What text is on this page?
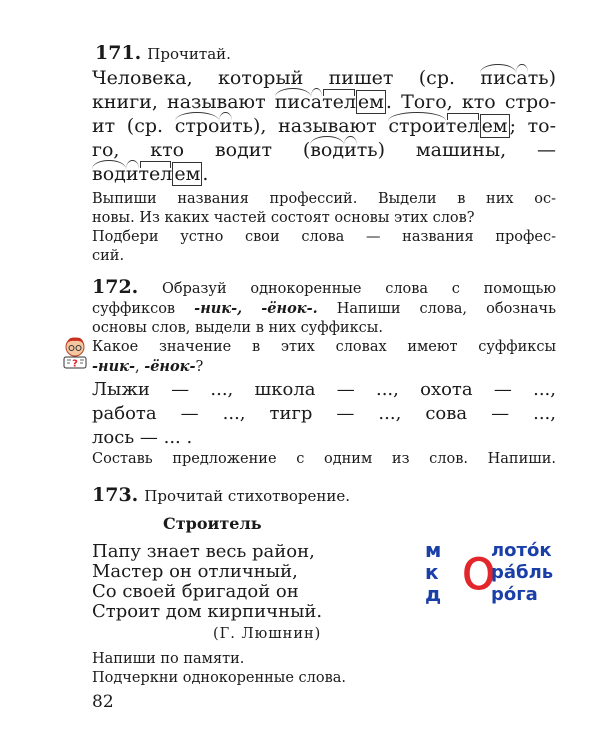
171. Прочитай.
Человека, который пишет (ср. писать)
книги, называют писател ем . Того, кто стро-
ит (ср. строить), называют строител ем ; то-
го, кто водит (водить) машины, —
водител ем .
Выпиши названия профессий. Выдели в них ос-
новы. Из каких частей состоят основы этих слов?
Подбери устно свои слова — названия профес-
сий.
172. Образуй однокоренные слова с помощью
суффиксов -ник-, -ёнок-. Напиши слова, обозначь
основы слов, выдели в них суффиксы.
Какое значение в этих словах имеют суффиксы
-ник-, -ёнок-?
?
Лыжи — ..., школа — ..., охота — ...,
работа — ..., тигр — ..., сова — ...,
лось — ... .
Составь предложение с одним из слов. Напиши.
173. Прочитай стихотворение.
Строитель
Папу знает весь район,
Мастер он отличный,
Со своей бригадой он
Строит дом кирпичный.
(Г. Люшнин)
Напиши по памяти.
Подчеркни однокоренные слова.
м
к
д о
лото́к
ра́бль
ро́га
82
